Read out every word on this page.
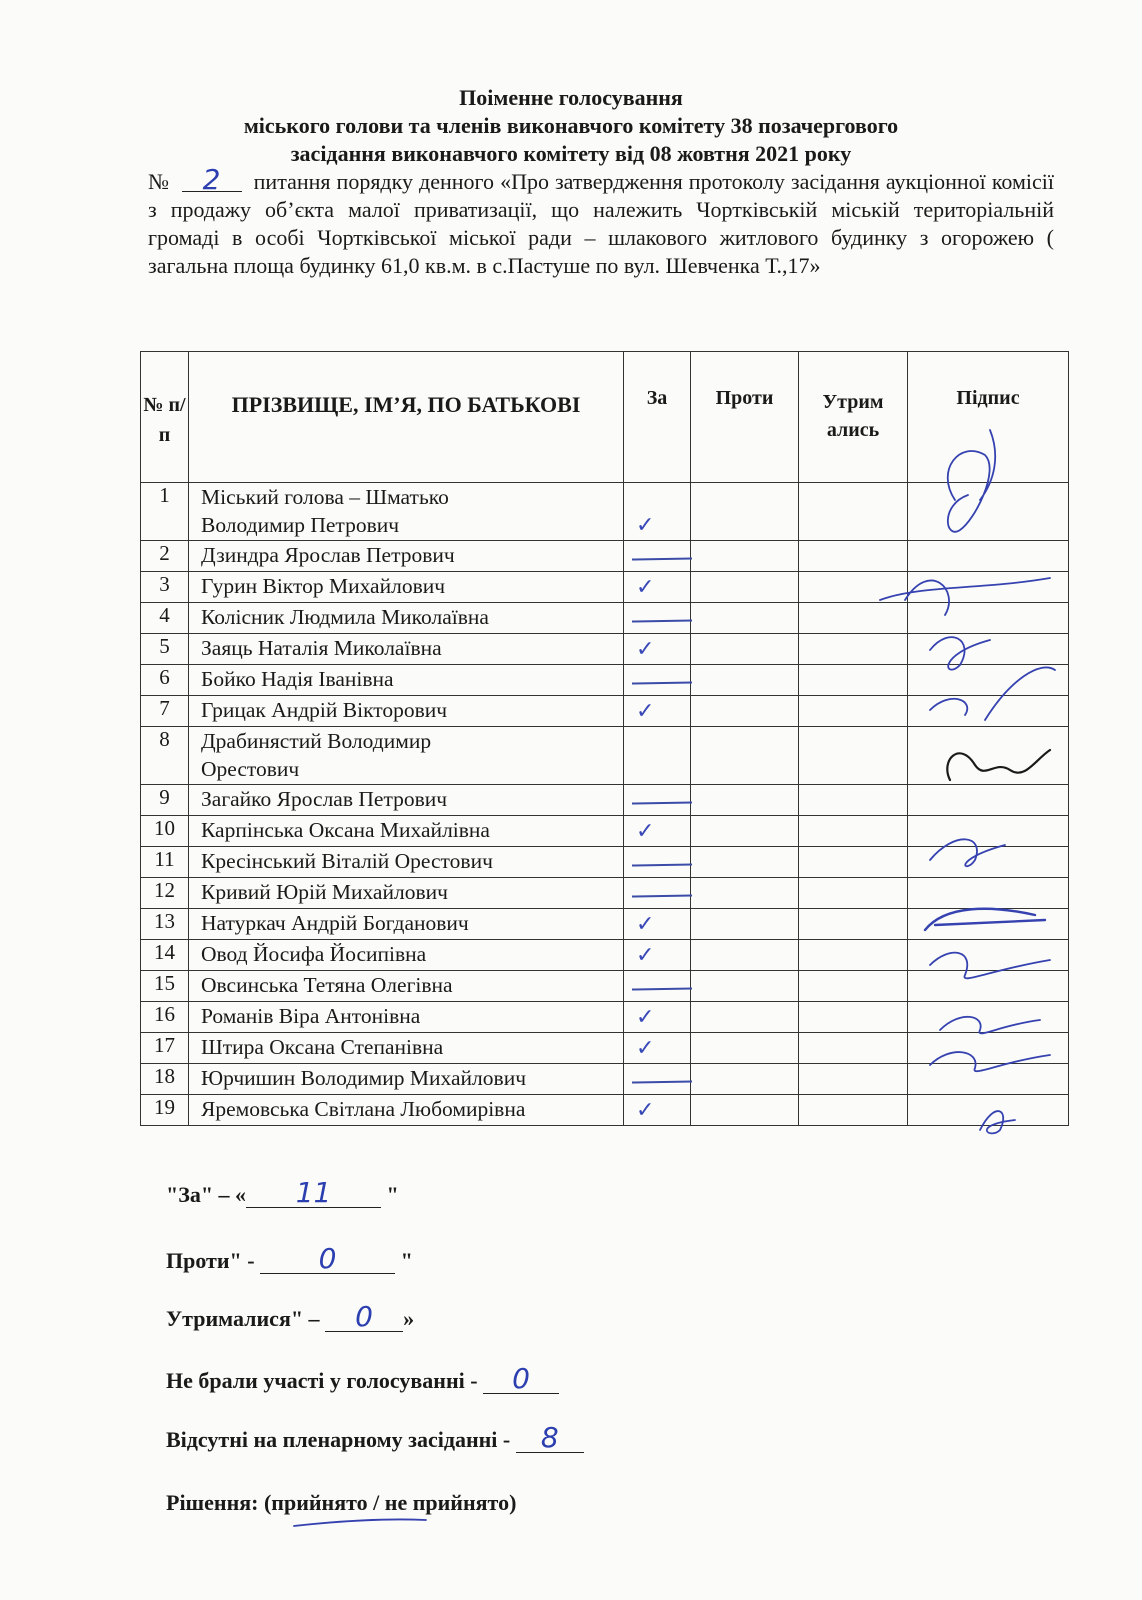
Поіменне голосування
міського голови та членів виконавчого комітету 38 позачергового
засідання виконавчого комітету від 08 жовтня 2021 року
№ 2 питання порядку денного «Про затвердження протоколу засідання аукціонної комісії з продажу об’єкта малої приватизації, що належить Чортківській міській територіальній громаді в особі Чортківської міської ради – шлакового житлового будинку з огорожею ( загальна площа будинку 61,0 кв.м. в с.Пастуше по вул. Шевченка Т.,17»
№ п/ п	ПРІЗВИЩЕ, ІМ’Я, ПО БАТЬКОВІ	За	Проти	Утрим ались	Підпис
1	Міський голова – Шматько Володимир Петрович	✓			

2	Дзиндра Ярослав Петрович	

3	Гурин Віктор Михайлович	✓			

4	Колісник Людмила Миколаївна	

5	Заяць Наталія Миколаївна	✓			

6	Бойко Надія Іванівна	

7	Грицак Андрій Вікторович	✓			

8	Драбинястий Володимир Орестович				
9	Загайко Ярослав Петрович	

10	Карпінська Оксана Михайлівна	✓			

11	Кресінський Віталій Орестович	

12	Кривий Юрій Михайлович	

13	Натуркач Андрій Богданович	✓			

14	Овод Йосифа Йосипівна	✓			

15	Овсинська Тетяна Олегівна	

16	Романів Віра Антонівна	✓			

17	Штира Оксана Степанівна	✓			

18	Юрчишин Володимир Михайлович	

19	Яремовська Світлана Любомирівна	✓			

"За" – « 11 "
Проти" - 0	"
Утрималися" – 0 »
Не брали участі у голосуванні - 0
Відсутні на пленарному засіданні - 8
Рішення: (прийнято / не прийнято)
